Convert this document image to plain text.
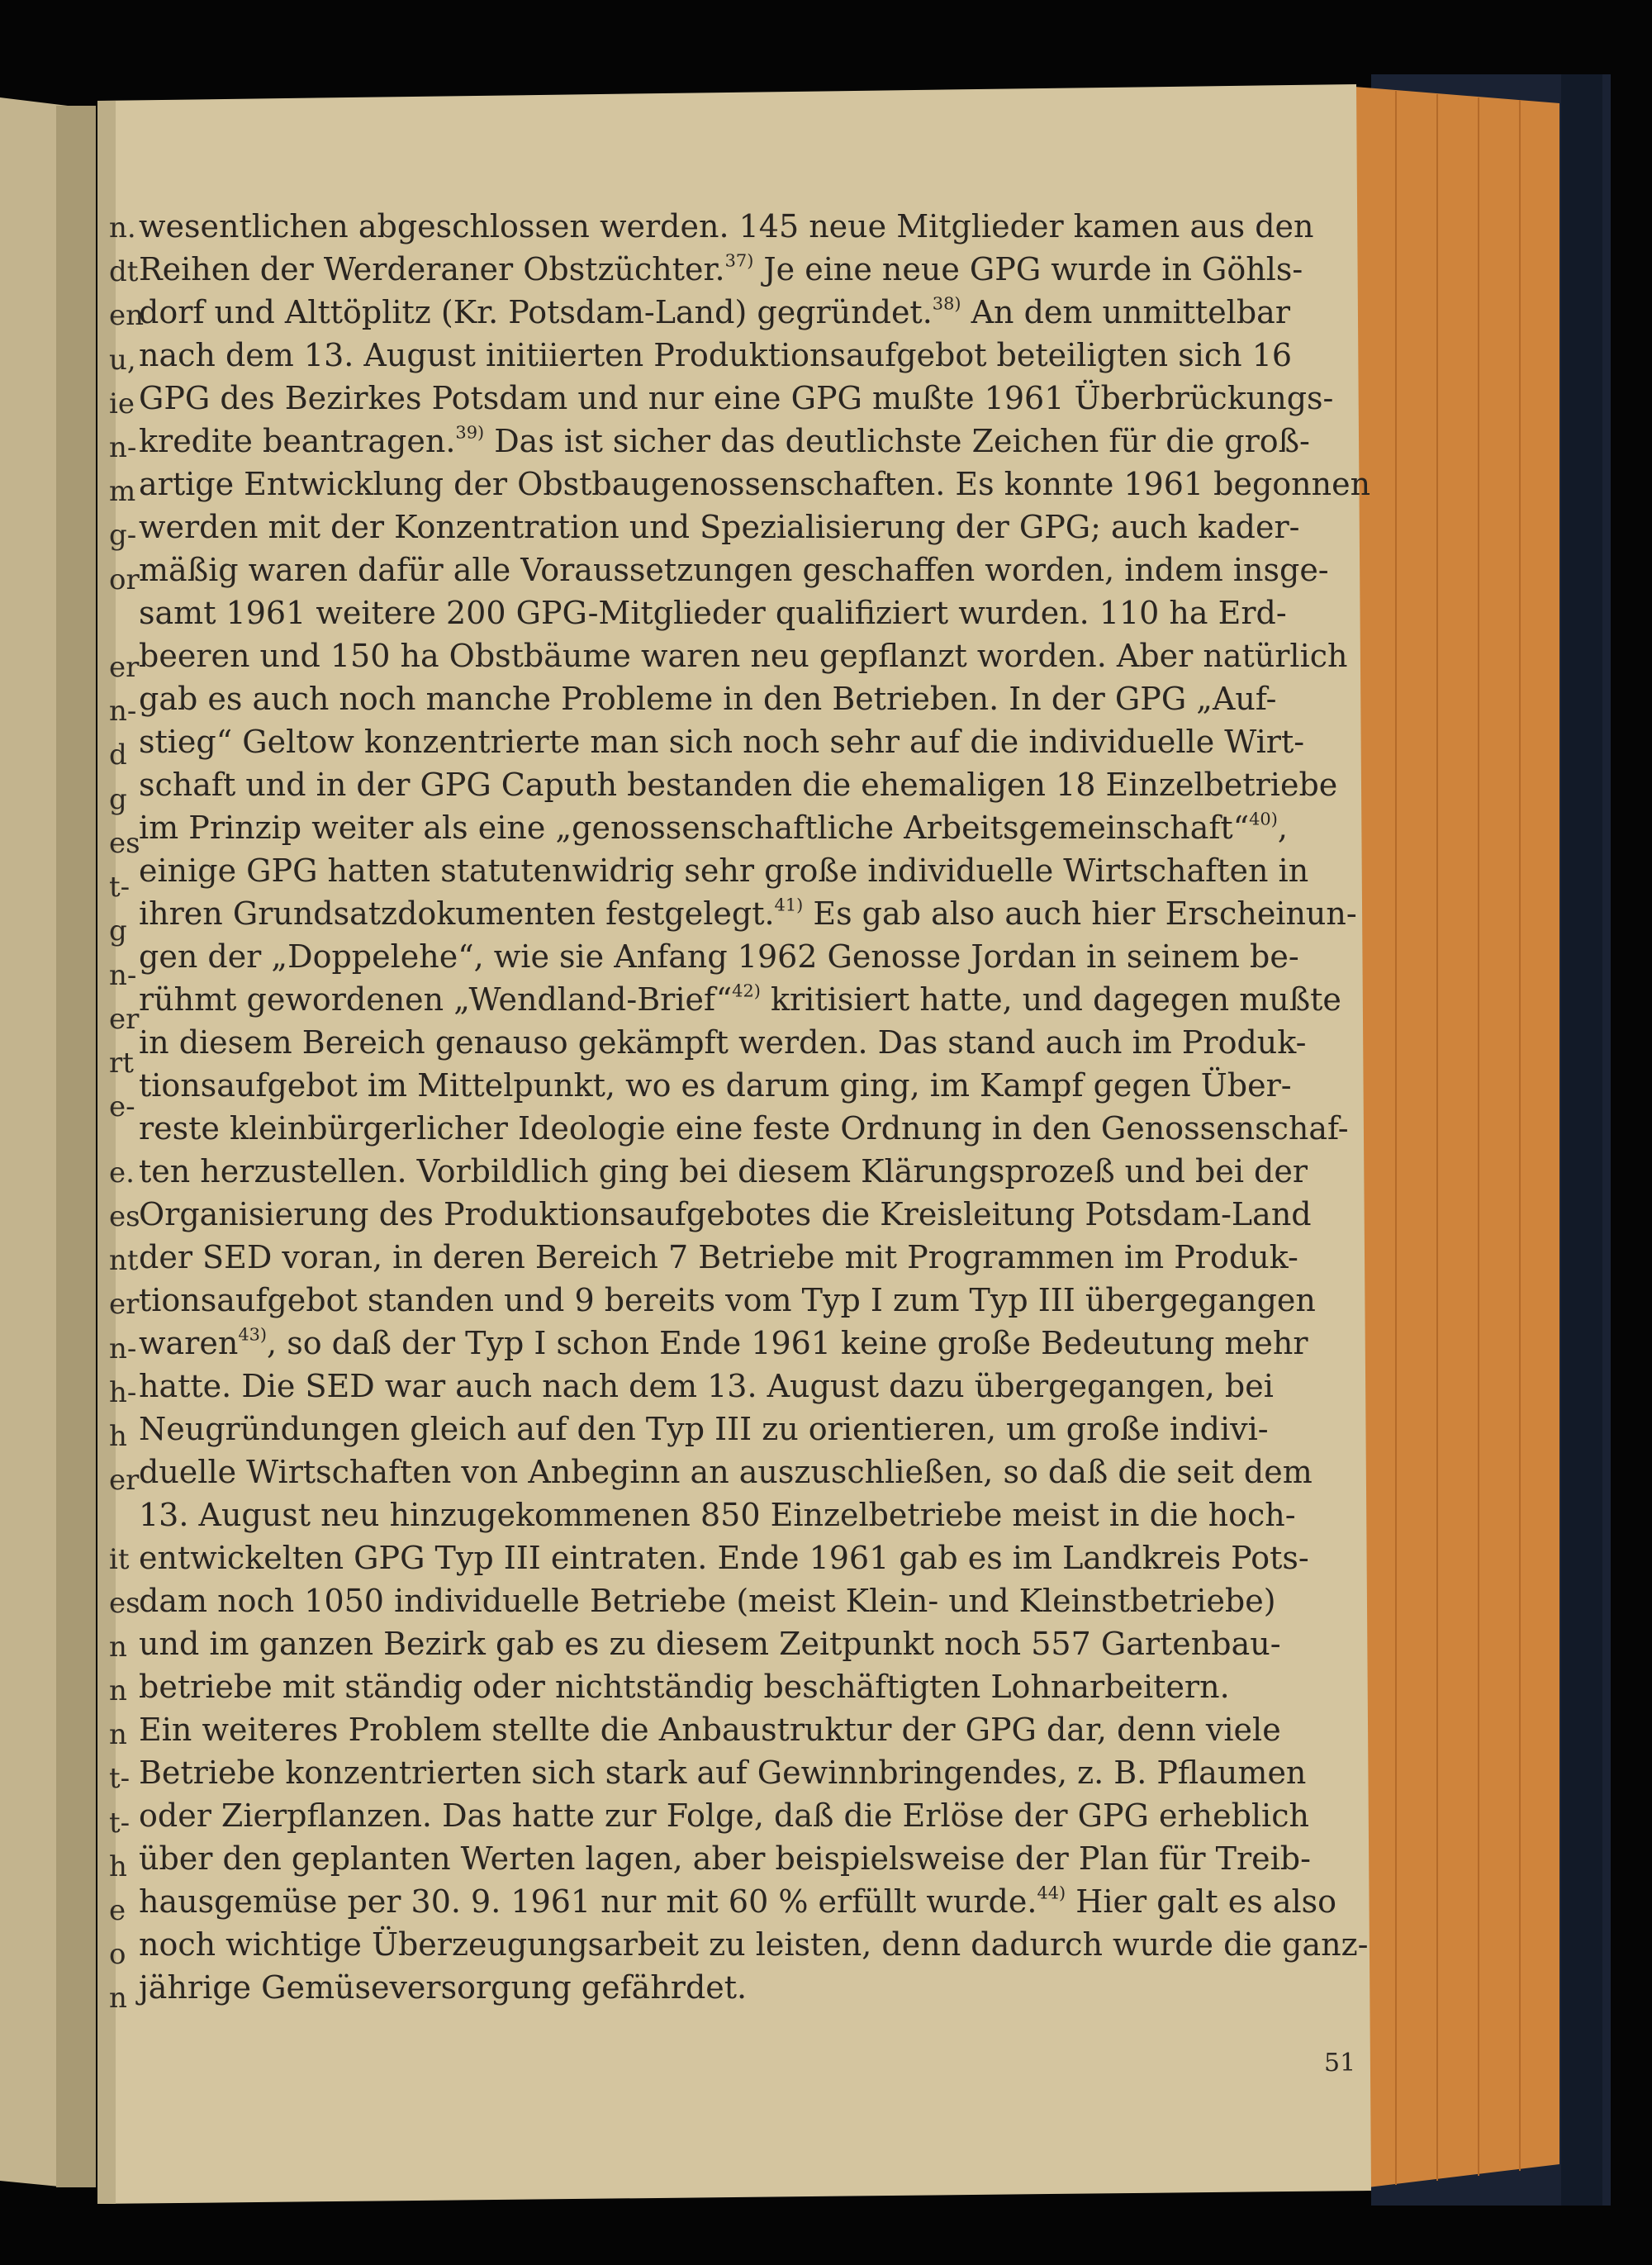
n.
dt
en
u,
ie
n-
m
g-
or
er
n-
d
g
es
t-
g
n-
er
rt
e-
e.
es
nt
er
n-
h-
h
er
it
es
n
n
n
t-
t-
h
e
o
n
wesentlichen abgeschlossen werden. 145 neue Mitglieder kamen aus den
Reihen der Werderaner Obstzüchter.$^{37)}$ Je eine neue GPG wurde in Göhls-
dorf und Alttöplitz (Kr. Potsdam-Land) gegründet.$^{38)}$ An dem unmittelbar
nach dem 13. August initiierten Produktionsaufgebot beteiligten sich 16
GPG des Bezirkes Potsdam und nur eine GPG mußte 1961 Überbrückungs-
kredite beantragen.$^{39)}$ Das ist sicher das deutlichste Zeichen für die groß-
artige Entwicklung der Obstbaugenossenschaften. Es konnte 1961 begonnen
werden mit der Konzentration und Spezialisierung der GPG; auch kader-
mäßig waren dafür alle Voraussetzungen geschaffen worden, indem insge-
samt 1961 weitere 200 GPG-Mitglieder qualifiziert wurden. 110 ha Erd-
beeren und 150 ha Obstbäume waren neu gepflanzt worden. Aber natürlich
gab es auch noch manche Probleme in den Betrieben. In der GPG „Auf-
stieg“ Geltow konzentrierte man sich noch sehr auf die individuelle Wirt-
schaft und in der GPG Caputh bestanden die ehemaligen 18 Einzelbetriebe
im Prinzip weiter als eine „genossenschaftliche Arbeitsgemeinschaft“$^{40)}$,
einige GPG hatten statutenwidrig sehr große individuelle Wirtschaften in
ihren Grundsatzdokumenten festgelegt.$^{41)}$ Es gab also auch hier Erscheinun-
gen der „Doppelehe“, wie sie Anfang 1962 Genosse Jordan in seinem be-
rühmt gewordenen „Wendland-Brief“$^{42)}$ kritisiert hatte, und dagegen mußte
in diesem Bereich genauso gekämpft werden. Das stand auch im Produk-
tionsaufgebot im Mittelpunkt, wo es darum ging, im Kampf gegen Über-
reste kleinbürgerlicher Ideologie eine feste Ordnung in den Genossenschaf-
ten herzustellen. Vorbildlich ging bei diesem Klärungsprozeß und bei der
Organisierung des Produktionsaufgebotes die Kreisleitung Potsdam-Land
der SED voran, in deren Bereich 7 Betriebe mit Programmen im Produk-
tionsaufgebot standen und 9 bereits vom Typ I zum Typ III übergegangen
waren$^{43)}$, so daß der Typ I schon Ende 1961 keine große Bedeutung mehr
hatte. Die SED war auch nach dem 13. August dazu übergegangen, bei
Neugründungen gleich auf den Typ III zu orientieren, um große indivi-
duelle Wirtschaften von Anbeginn an auszuschließen, so daß die seit dem
13. August neu hinzugekommenen 850 Einzelbetriebe meist in die hoch-
entwickelten GPG Typ III eintraten. Ende 1961 gab es im Landkreis Pots-
dam noch 1050 individuelle Betriebe (meist Klein- und Kleinstbetriebe)
und im ganzen Bezirk gab es zu diesem Zeitpunkt noch 557 Gartenbau-
betriebe mit ständig oder nichtständig beschäftigten Lohnarbeitern.
Ein weiteres Problem stellte die Anbaustruktur der GPG dar, denn viele
Betriebe konzentrierten sich stark auf Gewinnbringendes, z. B. Pflaumen
oder Zierpflanzen. Das hatte zur Folge, daß die Erlöse der GPG erheblich
über den geplanten Werten lagen, aber beispielsweise der Plan für Treib-
hausgemüse per 30. 9. 1961 nur mit 60 % erfüllt wurde.$^{44)}$ Hier galt es also
noch wichtige Überzeugungsarbeit zu leisten, denn dadurch wurde die ganz-
jährige Gemüseversorgung gefährdet.
51
